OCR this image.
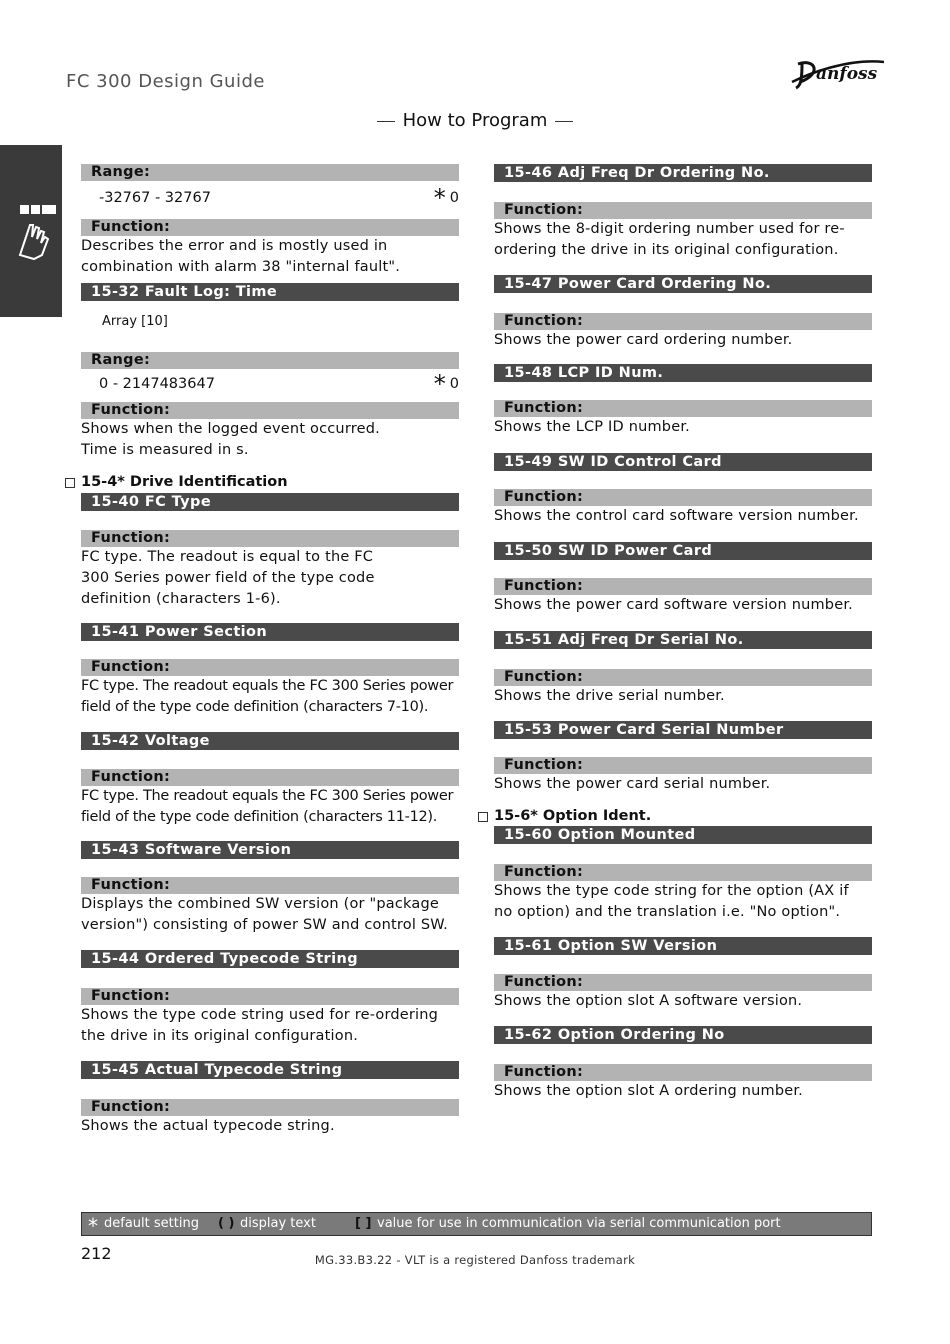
FC 300 Design Guide	anfoss
How to Program
Range:
-32767 - 32767	* 0
Function:
Describes the error and is mostly used in combination with alarm 38 "internal fault".
15-32 Fault Log: Time
Array [10]
Range:
0 - 2147483647	* 0
Function:
Shows when the logged event occurred.
Time is measured in s.
15-4* Drive Identification
15-40 FC Type
Function:
FC type. The readout is equal to the FC 300 Series power field of the type code definition (characters 1-6).
15-41 Power Section
Function:
FC type. The readout equals the FC 300 Series power field of the type code definition (characters 7-10).
15-42 Voltage
Function:
FC type. The readout equals the FC 300 Series power field of the type code definition (characters 11-12).
15-43 Software Version
Function:
Displays the combined SW version (or "package version") consisting of power SW and control SW.
15-44 Ordered Typecode String
Function:
Shows the type code string used for re-ordering the drive in its original configuration.
15-45 Actual Typecode String
Function:
Shows the actual typecode string.
15-46 Adj Freq Dr Ordering No.
Function:
Shows the 8-digit ordering number used for re-ordering the drive in its original configuration.
15-47 Power Card Ordering No.
Function:
Shows the power card ordering number.
15-48 LCP ID Num.
Function:
Shows the LCP ID number.
15-49 SW ID Control Card
Function:
Shows the control card software version number.
15-50 SW ID Power Card
Function:
Shows the power card software version number.
15-51 Adj Freq Dr Serial No.
Function:
Shows the drive serial number.
15-53 Power Card Serial Number
Function:
Shows the power card serial number.
15-6* Option Ident.
15-60 Option Mounted
Function:
Shows the type code string for the option (AX if no option) and the translation i.e. "No option".
15-61 Option SW Version
Function:
Shows the option slot A software version.
15-62 Option Ordering No
Function:
Shows the option slot A ordering number.
* default setting ( ) display text	[ ] value for use in communication via serial communication port
212	MG.33.B3.22 - VLT is a registered Danfoss trademark
